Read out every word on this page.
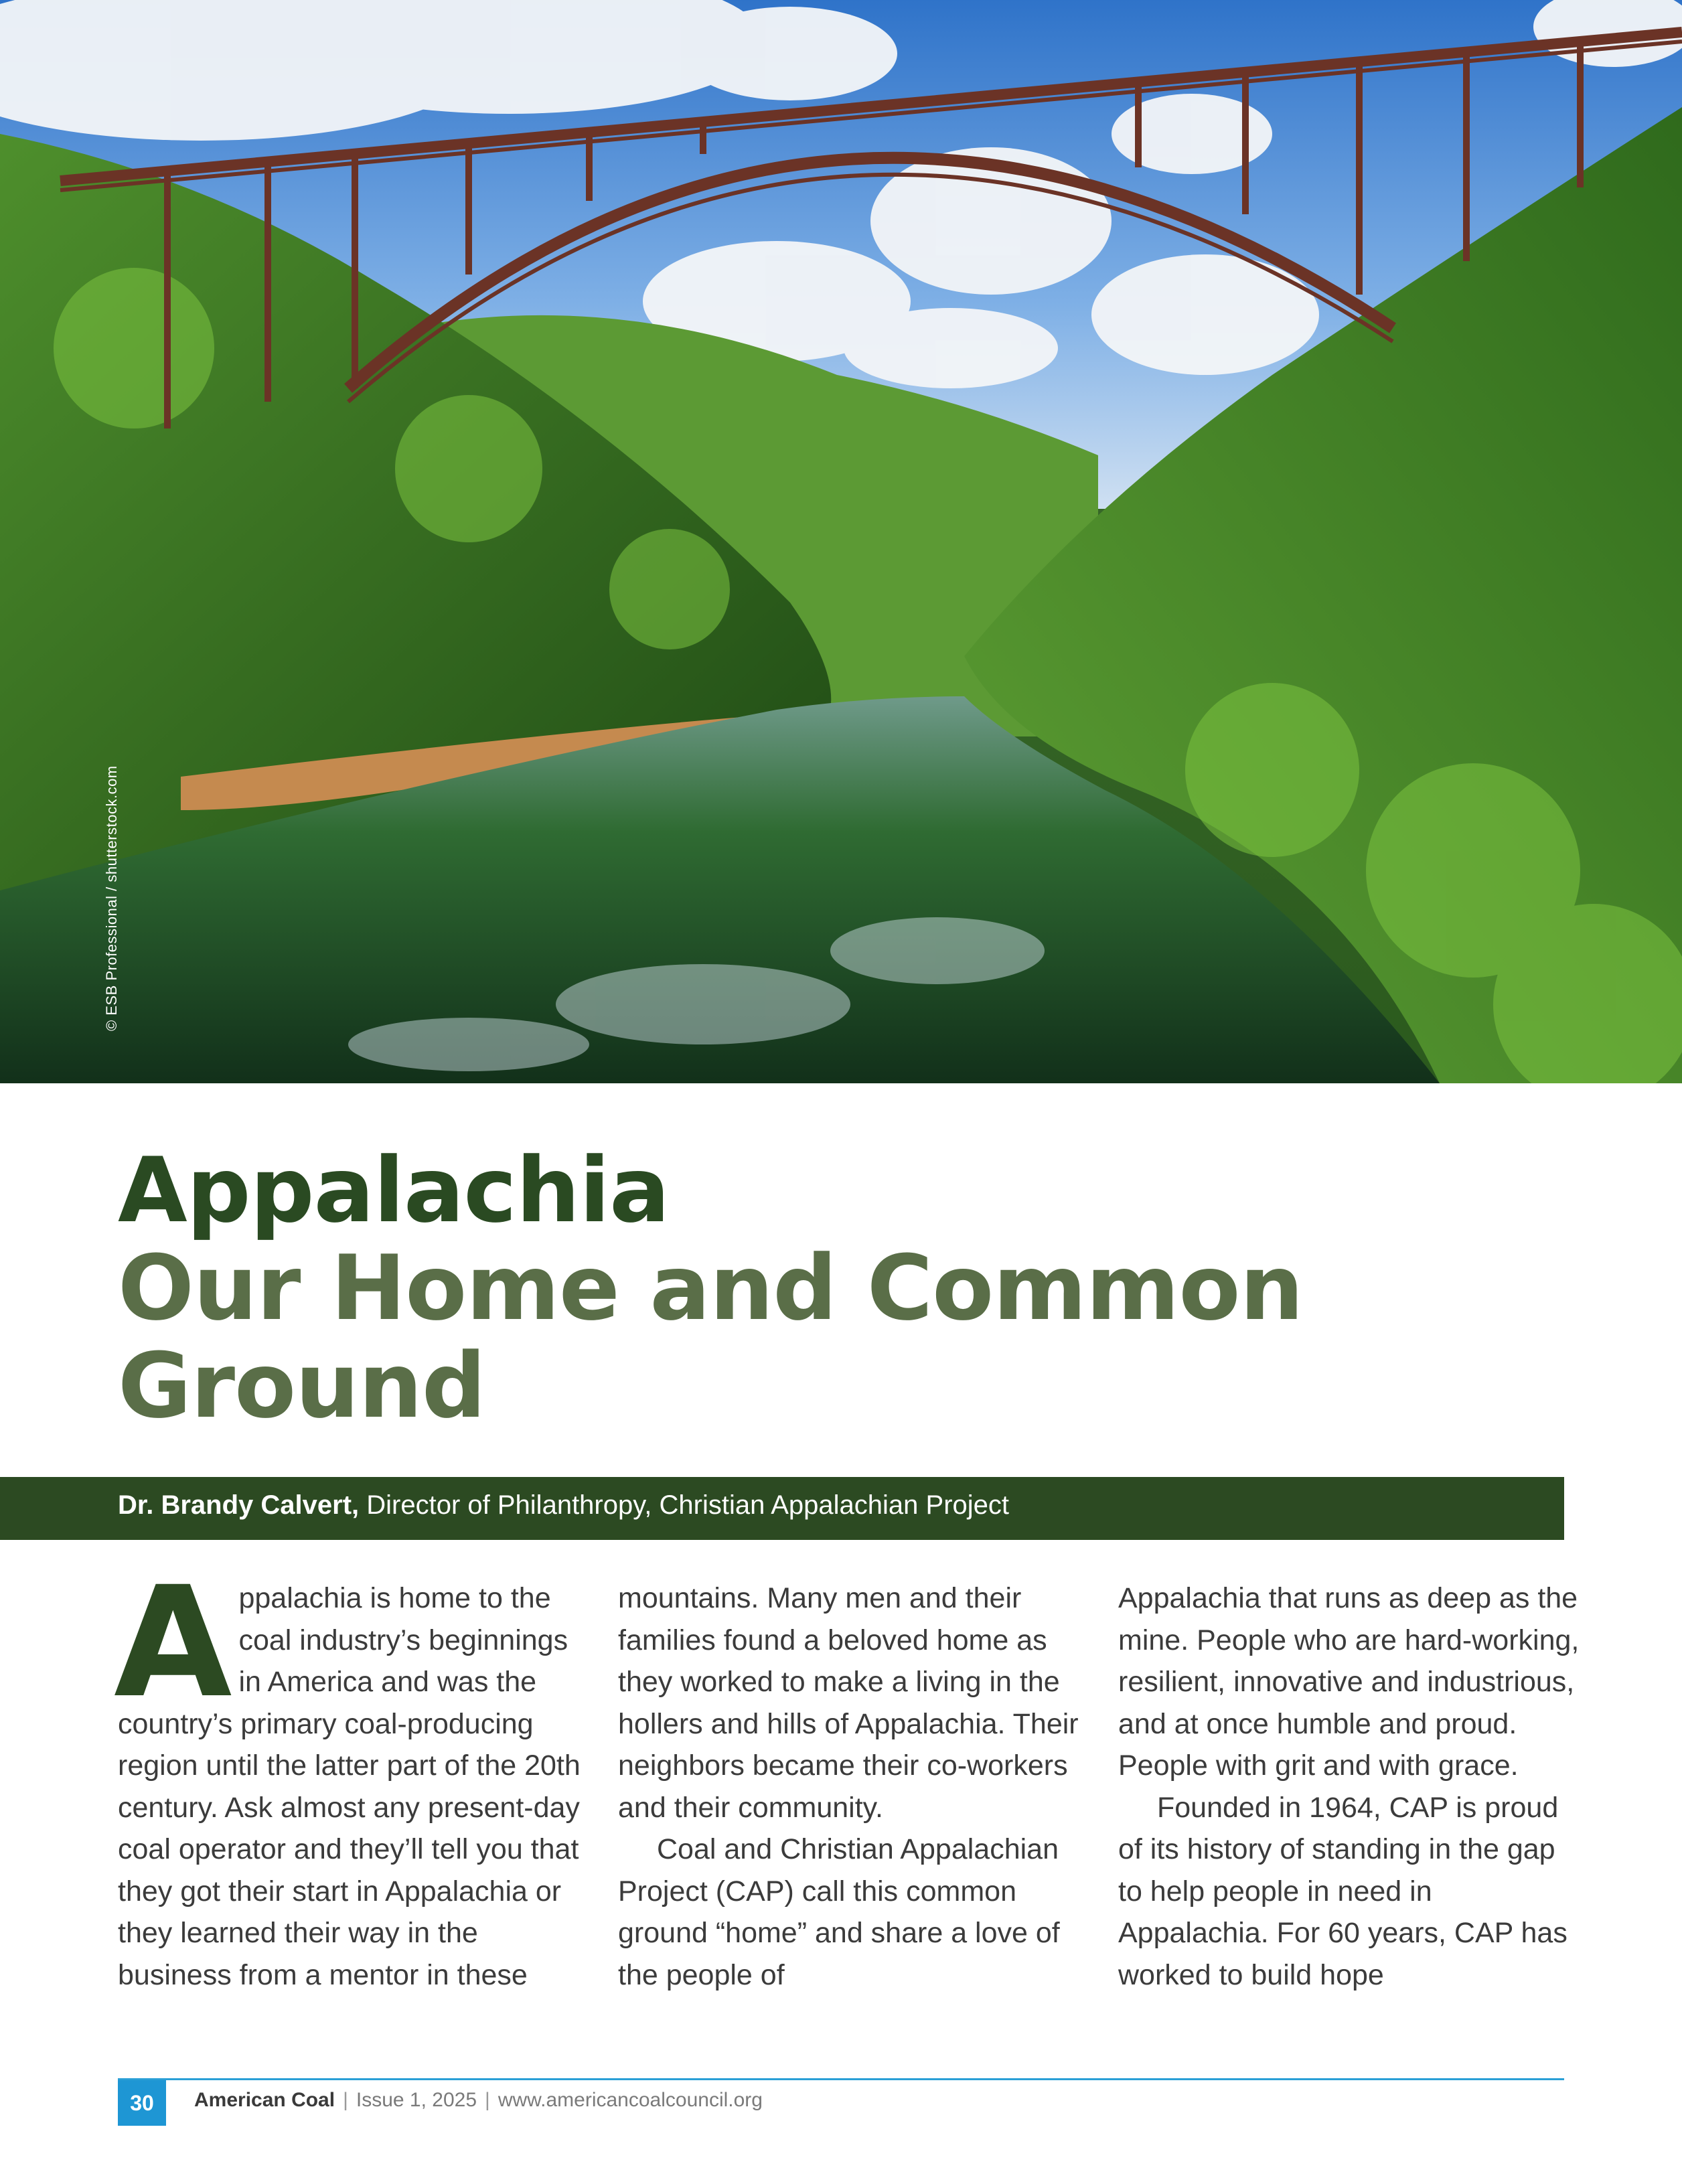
© ESB Professional / shutterstock.com
Appalachia
Our Home and Common Ground
Dr. Brandy Calvert, Director of Philanthropy, Christian Appalachian Project
A ppalachia is home to the coal industry’s beginnings in America and was the country’s primary coal-producing region until the latter part of the 20th century. Ask almost any present-day coal operator and they’ll tell you that they got their start in Appalachia or they learned their way in the business from a mentor in these

mountains. Many men and their families found a beloved home as they worked to make a living in the hollers and hills of Appalachia. Their neighbors became their co-workers and their community.

Coal and Christian Appalachian Project (CAP) call this common ground “home” and share a love of the people of

Appalachia that runs as deep as the mine. People who are hard-working, resilient, innovative and industrious, and at once humble and proud. People with grit and with grace.

Founded in 1964, CAP is proud of its history of standing in the gap to help people in need in Appalachia. For 60 years, CAP has worked to build hope

30	American Coal | Issue 1, 2025 | www.americancoalcouncil.org
